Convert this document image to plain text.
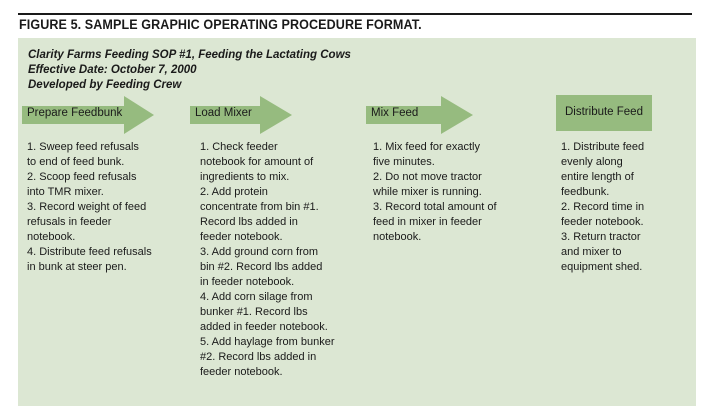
FIGURE 5. SAMPLE GRAPHIC OPERATING PROCEDURE FORMAT.
Clarity Farms Feeding SOP #1, Feeding the Lactating Cows
Effective Date: October 7, 2000
Developed by Feeding Crew
Prepare Feedbunk	Load Mixer	Mix Feed	Distribute Feed
1. Sweep feed refusals
to end of feed bunk.
2. Scoop feed refusals
into TMR mixer.
3. Record weight of feed
refusals in feeder
notebook.
4. Distribute feed refusals
in bunk at steer pen.
1. Check feeder
notebook for amount of
ingredients to mix.
2. Add protein
concentrate from bin #1.
Record lbs added in
feeder notebook.
3. Add ground corn from
bin #2. Record lbs added
in feeder notebook.
4. Add corn silage from
bunker #1. Record lbs
added in feeder notebook.
5. Add haylage from bunker
#2. Record lbs added in
feeder notebook.
1. Mix feed for exactly
five minutes.
2. Do not move tractor
while mixer is running.
3. Record total amount of
feed in mixer in feeder
notebook.
1. Distribute feed
evenly along
entire length of
feedbunk.
2. Record time in
feeder notebook.
3. Return tractor
and mixer to
equipment shed.
